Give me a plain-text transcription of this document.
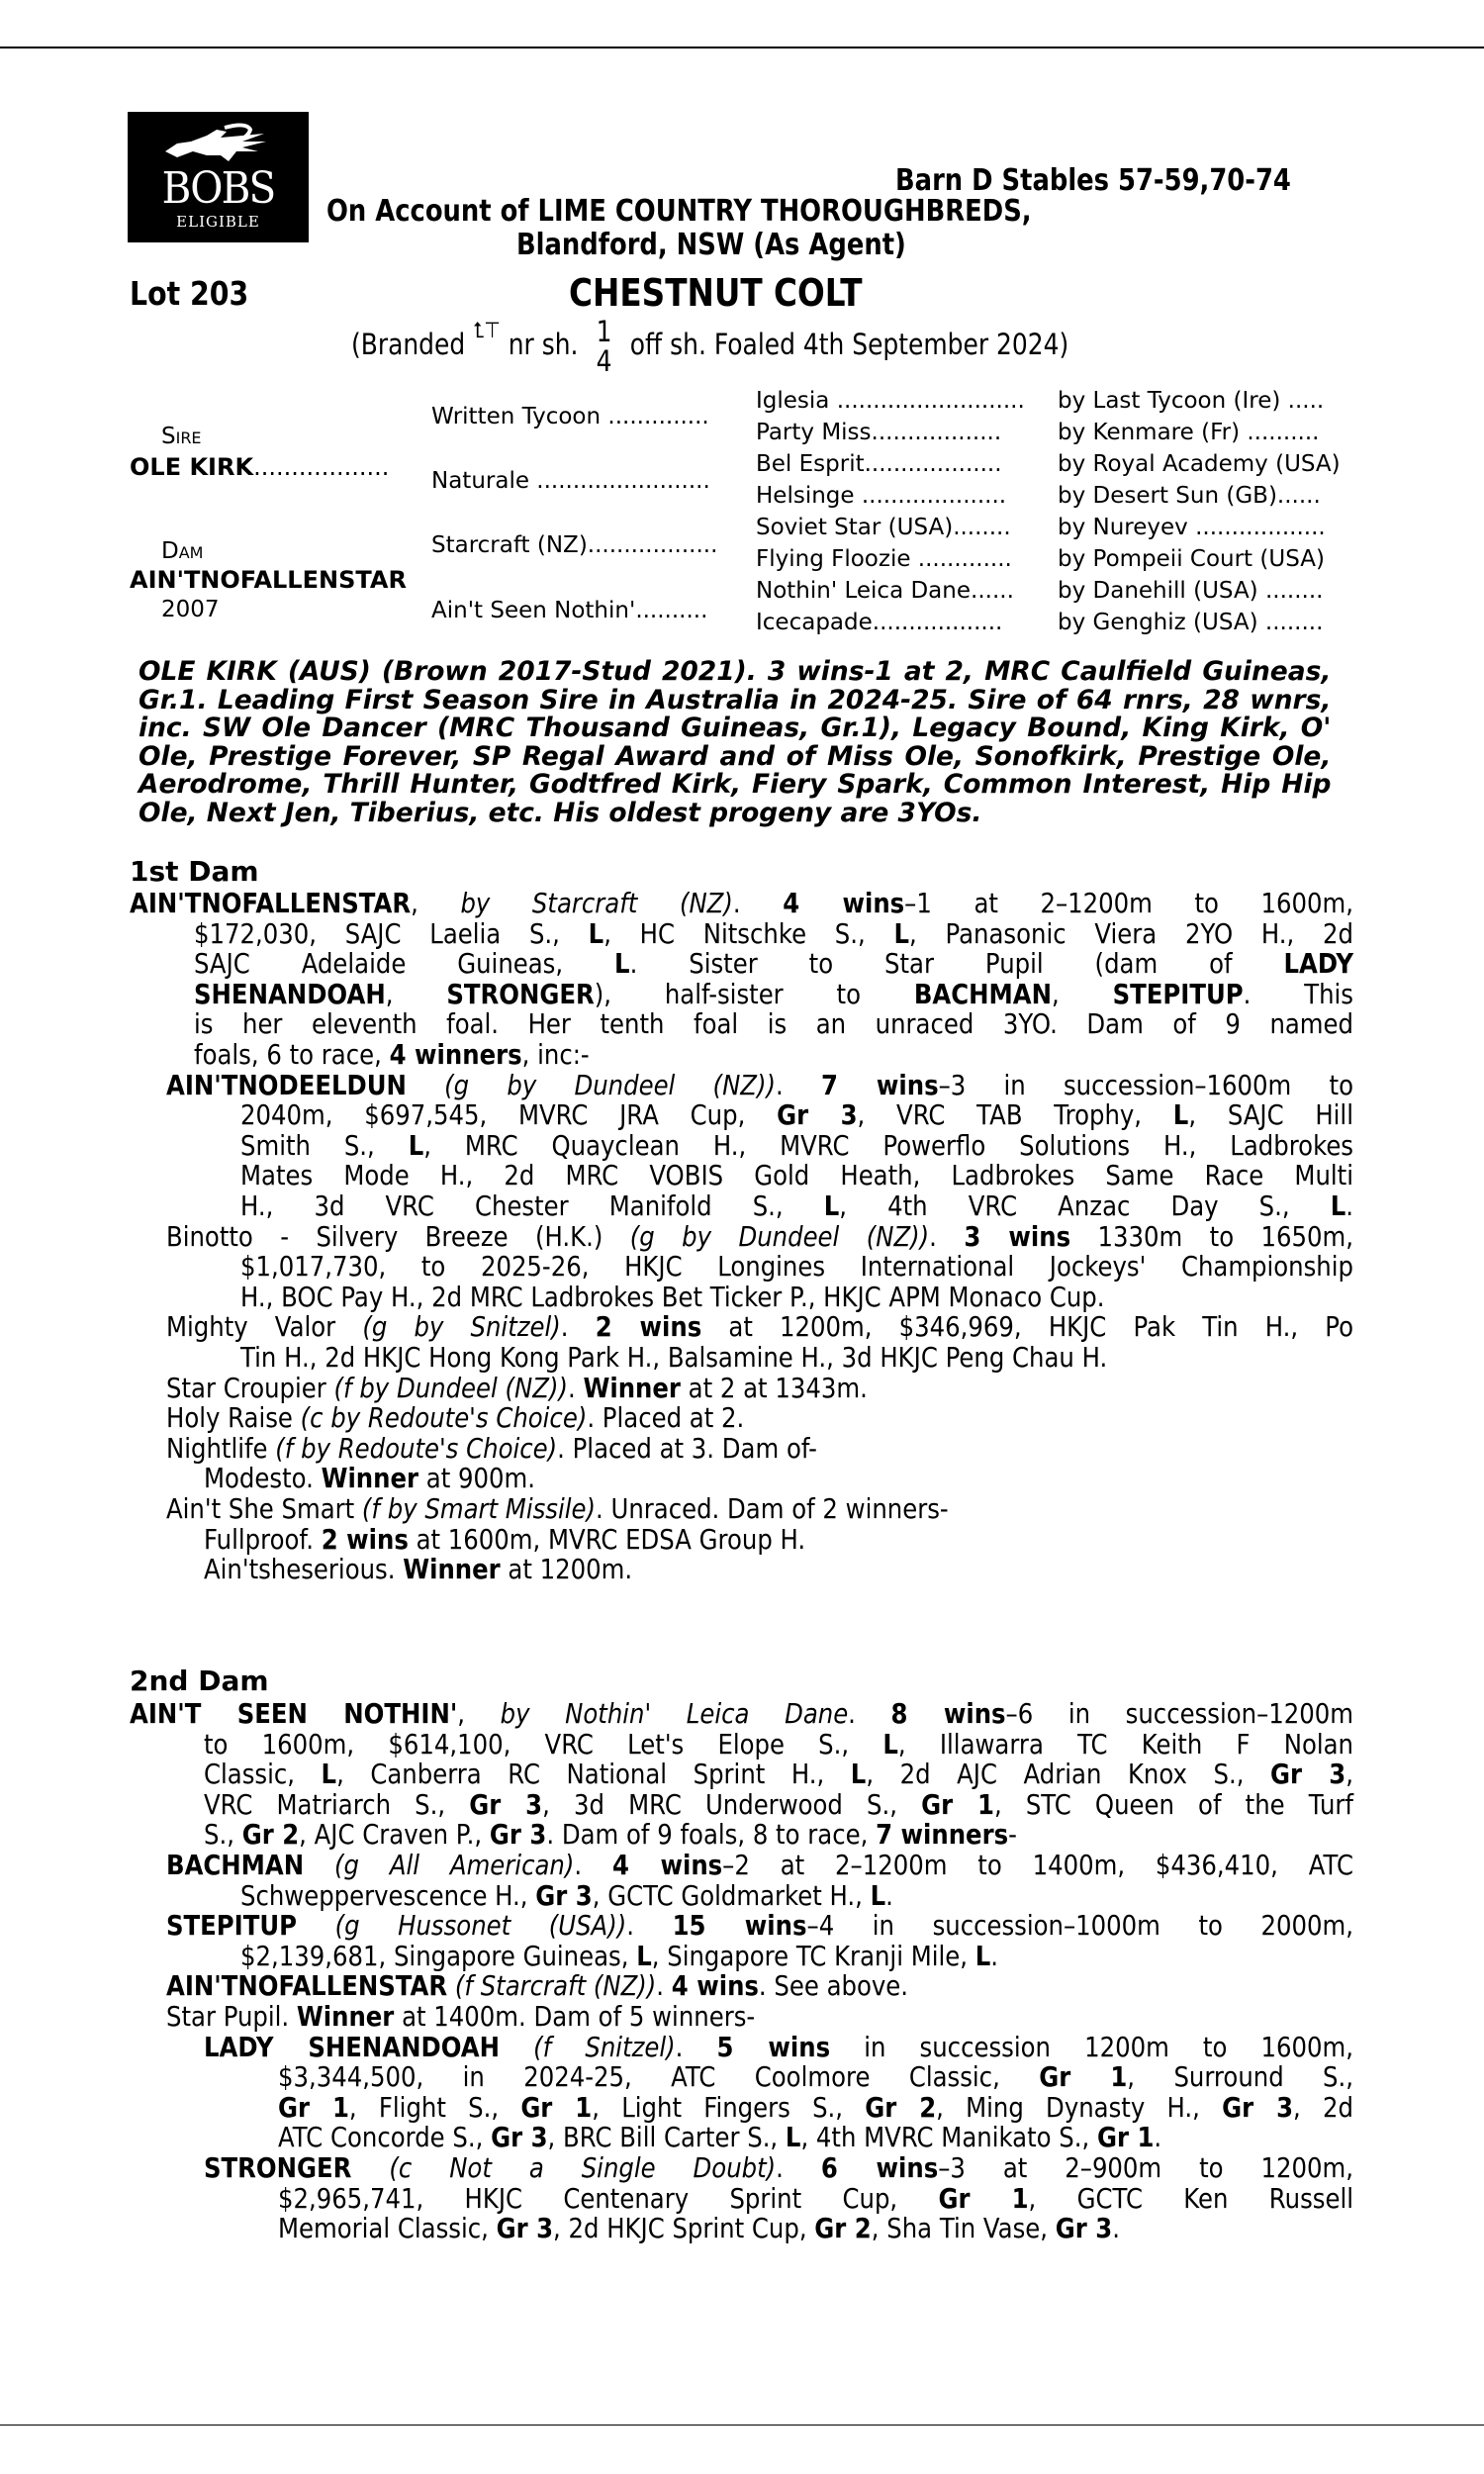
BOBS
ELIGIBLE
Barn D Stables 57-59,70-74
On Account of LIME COUNTRY THOROUGHBREDS,
Blandford, NSW (As Agent)
Lot 203	CHESTNUT COLT
(Branded ⮤⊤ nr sh. 1
4 off sh. Foaled 4th September 2024)
Sire
OLE KIRK..................
Dam
AIN'TNOFALLENSTAR
2007
Written Tycoon ..............
Naturale ........................
Starcraft (NZ)..................
Ain't Seen Nothin'..........
Iglesia ..........................
Party Miss..................
Bel Esprit...................
Helsinge ....................
Soviet Star (USA)........
Flying Floozie .............
Nothin' Leica Dane......
Icecapade..................
by Last Tycoon (Ire) .....
by Kenmare (Fr) ..........
by Royal Academy (USA)
by Desert Sun (GB)......
by Nureyev ..................
by Pompeii Court (USA)
by Danehill (USA) ........
by Genghiz (USA) ........
OLE KIRK (AUS) (Brown 2017-Stud 2021). 3 wins-1 at 2, MRC Caulfield Guineas, Gr.1. Leading First Season Sire in Australia in 2024-25. Sire of 64 rnrs, 28 wnrs, inc. SW Ole Dancer (MRC Thousand Guineas, Gr.1), Legacy Bound, King Kirk, O' Ole, Prestige Forever, SP Regal Award and of Miss Ole, Sonofkirk, Prestige Ole, Aerodrome, Thrill Hunter, Godtfred Kirk, Fiery Spark, Common Interest, Hip Hip Ole, Next Jen, Tiberius, etc. His oldest progeny are 3YOs.
1st Dam
AIN'TNOFALLENSTAR, by Starcraft (NZ). 4 wins–1 at 2–1200m to 1600m,
$172,030, SAJC Laelia S., L, HC Nitschke S., L, Panasonic Viera 2YO H., 2d
SAJC Adelaide Guineas, L. Sister to Star Pupil (dam of LADY
SHENANDOAH, STRONGER), half-sister to BACHMAN, STEPITUP. This
is her eleventh foal. Her tenth foal is an unraced 3YO. Dam of 9 named
foals, 6 to race, 4 winners, inc:-
AIN'TNODEELDUN (g by Dundeel (NZ)). 7 wins–3 in succession–1600m to
2040m, $697,545, MVRC JRA Cup, Gr 3, VRC TAB Trophy, L, SAJC Hill
Smith S., L, MRC Quayclean H., MVRC Powerflo Solutions H., Ladbrokes
Mates Mode H., 2d MRC VOBIS Gold Heath, Ladbrokes Same Race Multi
H., 3d VRC Chester Manifold S., L, 4th VRC Anzac Day S., L.
Binotto - Silvery Breeze (H.K.) (g by Dundeel (NZ)). 3 wins 1330m to 1650m,
$1,017,730, to 2025-26, HKJC Longines International Jockeys' Championship
H., BOC Pay H., 2d MRC Ladbrokes Bet Ticker P., HKJC APM Monaco Cup.
Mighty Valor (g by Snitzel). 2 wins at 1200m, $346,969, HKJC Pak Tin H., Po
Tin H., 2d HKJC Hong Kong Park H., Balsamine H., 3d HKJC Peng Chau H.
Star Croupier (f by Dundeel (NZ)). Winner at 2 at 1343m.
Holy Raise (c by Redoute's Choice). Placed at 2.
Nightlife (f by Redoute's Choice). Placed at 3. Dam of-
Modesto. Winner at 900m.
Ain't She Smart (f by Smart Missile). Unraced. Dam of 2 winners-
Fullproof. 2 wins at 1600m, MVRC EDSA Group H.
Ain'tsheserious. Winner at 1200m.
2nd Dam
AIN'T SEEN NOTHIN', by Nothin' Leica Dane. 8 wins–6 in succession–1200m
to 1600m, $614,100, VRC Let's Elope S., L, Illawarra TC Keith F Nolan
Classic, L, Canberra RC National Sprint H., L, 2d AJC Adrian Knox S., Gr 3,
VRC Matriarch S., Gr 3, 3d MRC Underwood S., Gr 1, STC Queen of the Turf
S., Gr 2, AJC Craven P., Gr 3. Dam of 9 foals, 8 to race, 7 winners-
BACHMAN (g All American). 4 wins–2 at 2–1200m to 1400m, $436,410, ATC
Schweppervescence H., Gr 3, GCTC Goldmarket H., L.
STEPITUP (g Hussonet (USA)). 15 wins–4 in succession–1000m to 2000m,
$2,139,681, Singapore Guineas, L, Singapore TC Kranji Mile, L.
AIN'TNOFALLENSTAR (f Starcraft (NZ)). 4 wins. See above.
Star Pupil. Winner at 1400m. Dam of 5 winners-
LADY SHENANDOAH (f Snitzel). 5 wins in succession 1200m to 1600m,
$3,344,500, in 2024-25, ATC Coolmore Classic, Gr 1, Surround S.,
Gr 1, Flight S., Gr 1, Light Fingers S., Gr 2, Ming Dynasty H., Gr 3, 2d
ATC Concorde S., Gr 3, BRC Bill Carter S., L, 4th MVRC Manikato S., Gr 1.
STRONGER (c Not a Single Doubt). 6 wins–3 at 2–900m to 1200m,
$2,965,741, HKJC Centenary Sprint Cup, Gr 1, GCTC Ken Russell
Memorial Classic, Gr 3, 2d HKJC Sprint Cup, Gr 2, Sha Tin Vase, Gr 3.
